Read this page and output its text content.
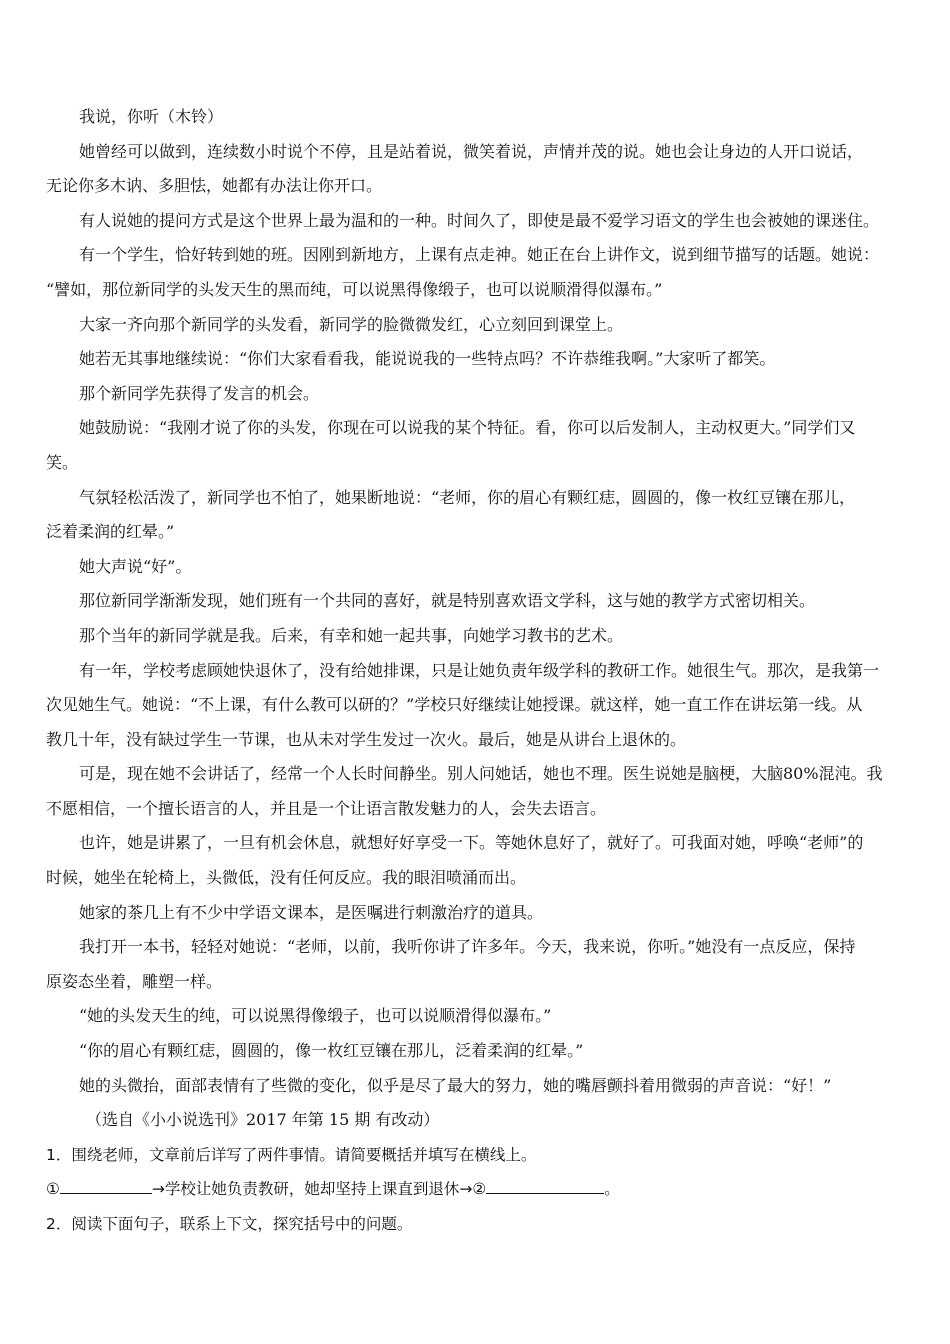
我说，你听（木铃）
她曾经可以做到，连续数小时说个不停，且是站着说，微笑着说，声情并茂的说。她也会让身边的人开口说话，
无论你多木讷、多胆怯，她都有办法让你开口。
有人说她的提问方式是这个世界上最为温和的一种。时间久了，即使是最不爱学习语文的学生也会被她的课迷住。
有一个学生，恰好转到她的班。因刚到新地方，上课有点走神。她正在台上讲作文，说到细节描写的话题。她说：
“譬如，那位新同学的头发天生的黑而纯，可以说黑得像缎子，也可以说顺滑得似瀑布。”
大家一齐向那个新同学的头发看，新同学的脸微微发红，心立刻回到课堂上。
她若无其事地继续说：“你们大家看看我，能说说我的一些特点吗？不许恭维我啊。”大家听了都笑。
那个新同学先获得了发言的机会。
她鼓励说：“我刚才说了你的头发，你现在可以说我的某个特征。看，你可以后发制人，主动权更大。”同学们又
笑。
气氛轻松活泼了，新同学也不怕了，她果断地说：“老师，你的眉心有颗红痣，圆圆的，像一枚红豆镶在那儿，
泛着柔润的红晕。”
她大声说“好”。
那位新同学渐渐发现，她们班有一个共同的喜好，就是特别喜欢语文学科，这与她的教学方式密切相关。
那个当年的新同学就是我。后来，有幸和她一起共事，向她学习教书的艺术。
有一年，学校考虑顾她快退休了，没有给她排课，只是让她负责年级学科的教研工作。她很生气。那次，是我第一
次见她生气。她说：“不上课，有什么教可以研的？”学校只好继续让她授课。就这样，她一直工作在讲坛第一线。从
教几十年，没有缺过学生一节课，也从未对学生发过一次火。最后，她是从讲台上退休的。
可是，现在她不会讲话了，经常一个人长时间静坐。别人问她话，她也不理。医生说她是脑梗，大脑80%混沌。我
不愿相信，一个擅长语言的人，并且是一个让语言散发魅力的人，会失去语言。
也许，她是讲累了，一旦有机会休息，就想好好享受一下。等她休息好了，就好了。可我面对她，呼唤“老师”的
时候，她坐在轮椅上，头微低，没有任何反应。我的眼泪喷涌而出。
她家的茶几上有不少中学语文课本，是医嘱进行刺激治疗的道具。
我打开一本书，轻轻对她说：“老师，以前，我听你讲了许多年。今天，我来说，你听。”她没有一点反应，保持
原姿态坐着，雕塑一样。
“她的头发天生的纯，可以说黑得像缎子，也可以说顺滑得似瀑布。”
“你的眉心有颗红痣，圆圆的，像一枚红豆镶在那儿，泛着柔润的红晕。”
她的头微抬，面部表情有了些微的变化，似乎是尽了最大的努力，她的嘴唇颤抖着用微弱的声音说：“好！”
（选自《小小说选刊》2017 年第 15 期 有改动）
1．围绕老师，文章前后详写了两件事情。请简要概括并填写在横线上。
①	→学校让她负责教研，她却坚持上课直到退休→②	。
2．阅读下面句子，联系上下文，探究括号中的问题。
